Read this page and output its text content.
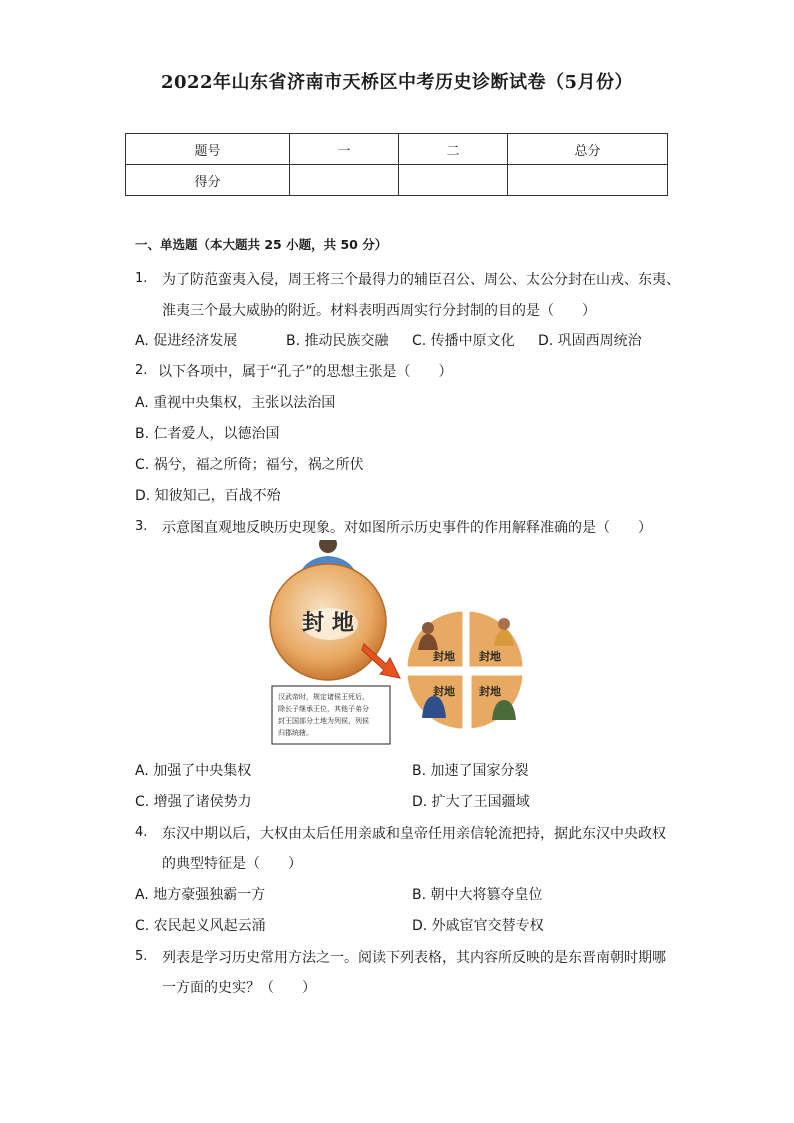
2022年山东省济南市天桥区中考历史诊断试卷（5月份）
题号	一	二	总分
得分			
一、单选题（本大题共 25 小题，共 50 分）
1. 为了防范蛮夷入侵，周王将三个最得力的辅臣召公、周公、太公分封在山戎、东夷、
淮夷三个最大威胁的附近。材料表明西周实行分封制的目的是（　　）
A. 促进经济发展	B. 推动民族交融 C. 传播中原文化 D. 巩固西周统治
2. 以下各项中，属于“孔子”的思想主张是（　　）
A. 重视中央集权，主张以法治国
B. 仁者爱人，以德治国
C. 祸兮，福之所倚；福兮，祸之所伏
D. 知彼知己，百战不殆
3. 示意图直观地反映历史现象。对如图所示历史事件的作用解释准确的是（　　）
封 地
封地 封地
封地 封地
汉武帝时，规定诸侯王死后，
除长子继承王位，其他子弟分
封王国部分土地为列侯，列侯
归郡统辖。
A. 加强了中央集权	B. 加速了国家分裂
C. 增强了诸侯势力	D. 扩大了王国疆域
4. 东汉中期以后，大权由太后任用亲戚和皇帝任用亲信轮流把持，据此东汉中央政权
的典型特征是（　　）
A. 地方豪强独霸一方	B. 朝中大将篡夺皇位
C. 农民起义风起云涌	D. 外戚宦官交替专权
5. 列表是学习历史常用方法之一。阅读下列表格，其内容所反映的是东晋南朝时期哪
一方面的史实？（　　）
